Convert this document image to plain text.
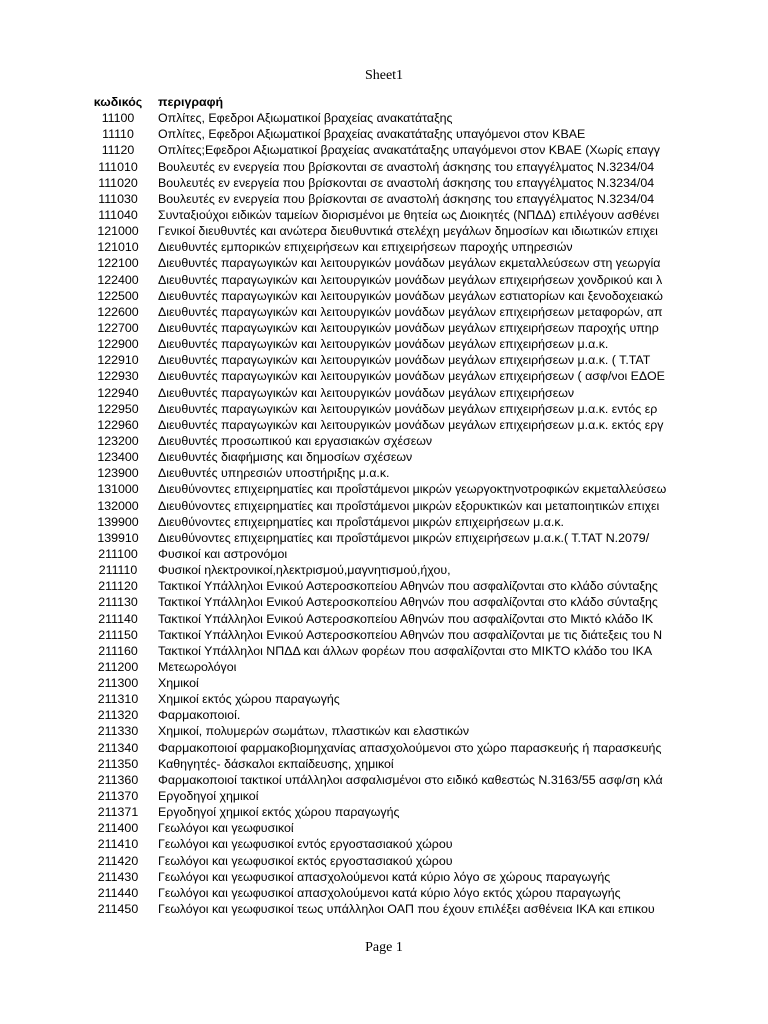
Sheet1
κωδικός	περιγραφή
11100	Οπλίτες, Εφεδροι Αξιωματικοί βραχείας ανακατάταξης
11110	Οπλίτες, Εφεδροι Αξιωματικοί βραχείας ανακατάταξης υπαγόμενοι στον ΚΒΑΕ
11120	Οπλίτες;Εφεδροι Αξιωματικοί βραχείας ανακατάταξης υπαγόμενοι στον ΚΒΑΕ (Χωρίς επαγγ
111010	Βουλευτές εν ενεργεία που βρίσκονται σε αναστολή άσκησης του επαγγέλματος Ν.3234/04
111020	Βουλευτές εν ενεργεία που βρίσκονται σε αναστολή άσκησης του επαγγέλματος Ν.3234/04
111030	Βουλευτές εν ενεργεία που βρίσκονται σε αναστολή άσκησης του επαγγέλματος Ν.3234/04
111040	Συνταξιούχοι ειδικών ταμείων διορισμένοι με θητεία ως Διοικητές (ΝΠΔΔ) επιλέγουν ασθένει
121000	Γενικοί διευθυντές και ανώτερα διευθυντικά στελέχη μεγάλων δημοσίων και ιδιωτικών επιχει
121010	Διευθυντές εμπορικών επιχειρήσεων και επιχειρήσεων παροχής υπηρεσιών
122100	Διευθυντές παραγωγικών και λειτουργικών μονάδων μεγάλων εκμεταλλεύσεων στη γεωργία
122400	Διευθυντές παραγωγικών και λειτουργικών μονάδων μεγάλων επιχειρήσεων χονδρικού και λ
122500	Διευθυντές παραγωγικών και λειτουργικών μονάδων μεγάλων εστιατορίων και ξενοδοχειακώ
122600	Διευθυντές παραγωγικών και λειτουργικών μονάδων μεγάλων επιχειρήσεων μεταφορών, απ
122700	Διευθυντές παραγωγικών και λειτουργικών μονάδων μεγάλων επιχειρήσεων παροχής υπηρ
122900	Διευθυντές παραγωγικών και λειτουργικών μονάδων μεγάλων επιχειρήσεων μ.α.κ.
122910	Διευθυντές παραγωγικών και λειτουργικών μονάδων μεγάλων επιχειρήσεων μ.α.κ. ( Τ.ΤΑΤ
122930	Διευθυντές παραγωγικών και λειτουργικών μονάδων μεγάλων επιχειρήσεων ( ασφ/νοι ΕΔΟΕ
122940	Διευθυντές παραγωγικών και λειτουργικών μονάδων μεγάλων επιχειρήσεων
122950	Διευθυντές παραγωγικών και λειτουργικών μονάδων μεγάλων επιχειρήσεων μ.α.κ. εντός ερ
122960	Διευθυντές παραγωγικών και λειτουργικών μονάδων μεγάλων επιχειρήσεων μ.α.κ. εκτός εργ
123200	Διευθυντές προσωπικού και εργασιακών σχέσεων
123400	Διευθυντές διαφήμισης και δημοσίων σχέσεων
123900	Διευθυντές υπηρεσιών υποστήριξης μ.α.κ.
131000	Διευθύνοντες επιχειρηματίες και προΐστάμενοι μικρών γεωργοκτηνοτροφικών εκμεταλλεύσεω
132000	Διευθύνοντες επιχειρηματίες και προΐστάμενοι μικρών εξορυκτικών και μεταποιητικών επιχει
139900	Διευθύνοντες επιχειρηματίες και προΐστάμενοι μικρών επιχειρήσεων μ.α.κ.
139910	Διευθύνοντες επιχειρηματίες και προΐστάμενοι μικρών επιχειρήσεων μ.α.κ.( Τ.ΤΑΤ Ν.2079/
211100	Φυσικοί και αστρονόμοι
211110	Φυσικοί ηλεκτρονικοί,ηλεκτρισμού,μαγνητισμού,ήχου,
211120	Τακτικοί Υπάλληλοι Ενικού Αστεροσκοπείου Αθηνών που ασφαλίζονται στο κλάδο σύνταξης
211130	Τακτικοί Υπάλληλοι Ενικού Αστεροσκοπείου Αθηνών που ασφαλίζονται στο κλάδο σύνταξης
211140	Τακτικοί Υπάλληλοι Ενικού Αστεροσκοπείου Αθηνών που ασφαλίζονται στο Μικτό κλάδο ΙΚ
211150	Τακτικοί Υπάλληλοι Ενικού Αστεροσκοπείου Αθηνών που ασφαλίζονται με τις διάτεξεις του Ν
211160	Τακτικοί Υπάλληλοι ΝΠΔΔ και άλλων φορέων που ασφαλίζονται στο ΜΙΚΤΟ κλάδο του ΙΚΑ
211200	Μετεωρολόγοι
211300	Χημικοί
211310	Χημικοί εκτός χώρου παραγωγής
211320	Φαρμακοποιοί.
211330	Χημικοί, πολυμερών σωμάτων, πλαστικών και ελαστικών
211340	Φαρμακοποιοί φαρμακοβιομηχανίας απασχολούμενοι στο χώρο παρασκευής ή παρασκευής
211350	Καθηγητές- δάσκαλοι εκπαίδευσης, χημικοί
211360	Φαρμακοποιοί τακτικοί υπάλληλοι ασφαλισμένοι στο ειδικό καθεστώς Ν.3163/55 ασφ/ση κλά
211370	Εργοδηγοί χημικοί
211371	Εργοδηγοί χημικοί εκτός χώρου παραγωγής
211400	Γεωλόγοι και γεωφυσικοί
211410	Γεωλόγοι και γεωφυσικοί εντός εργοστασιακού χώρου
211420	Γεωλόγοι και γεωφυσικοί εκτός εργοστασιακού χώρου
211430	Γεωλόγοι και γεωφυσικοί απασχολούμενοι κατά κύριο λόγο σε χώρους παραγωγής
211440	Γεωλόγοι και γεωφυσικοί απασχολούμενοι κατά κύριο λόγο εκτός χώρου παραγωγής
211450	Γεωλόγοι και γεωφυσικοί τεως υπάλληλοι ΟΑΠ που έχουν επιλέξει ασθένεια ΙΚΑ και επικου
Page 1
